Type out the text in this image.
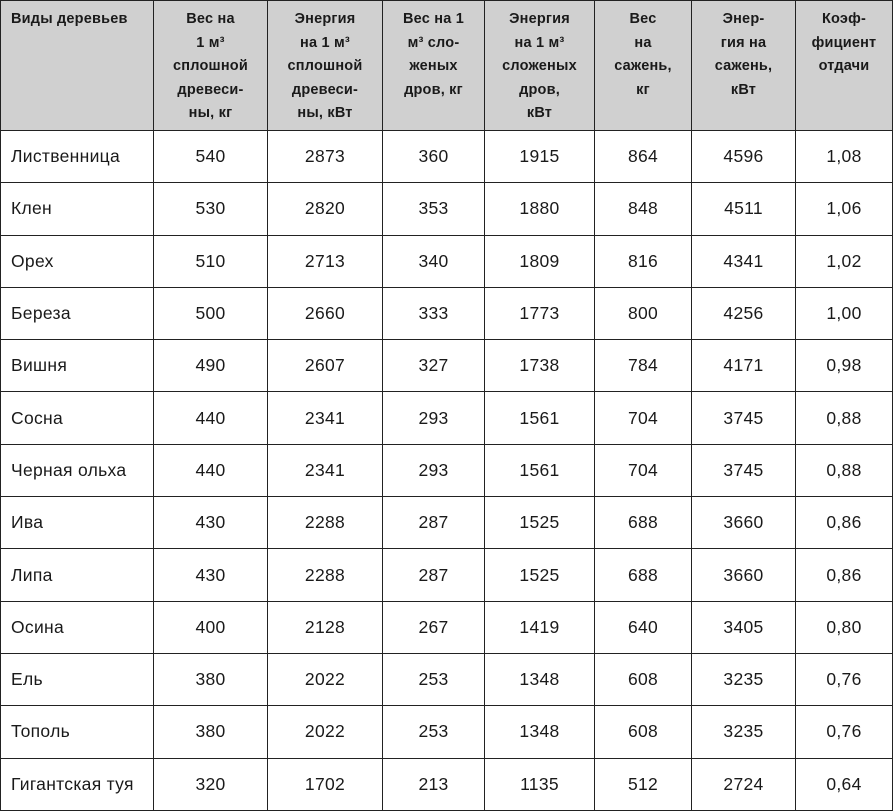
Виды деревьев	Вес на
1 м³
сплошной
древеси-
ны, кг	Энергия
на 1 м³
сплошной
древеси-
ны, кВт	Вес на 1
м³ сло-
женых
дров, кг	Энергия
на 1 м³
сложеных
дров,
кВт	Вес
на
сажень,
кг	Энер-
гия на
сажень,
кВт	Коэф-
фициент
отдачи
Лиственница	540	2873	360	1915	864	4596	1,08
Клен	530	2820	353	1880	848	4511	1,06
Орех	510	2713	340	1809	816	4341	1,02
Береза	500	2660	333	1773	800	4256	1,00
Вишня	490	2607	327	1738	784	4171	0,98
Сосна	440	2341	293	1561	704	3745	0,88
Черная ольха	440	2341	293	1561	704	3745	0,88
Ива	430	2288	287	1525	688	3660	0,86
Липа	430	2288	287	1525	688	3660	0,86
Осина	400	2128	267	1419	640	3405	0,80
Ель	380	2022	253	1348	608	3235	0,76
Тополь	380	2022	253	1348	608	3235	0,76
Гигантская туя	320	1702	213	1135	512	2724	0,64
